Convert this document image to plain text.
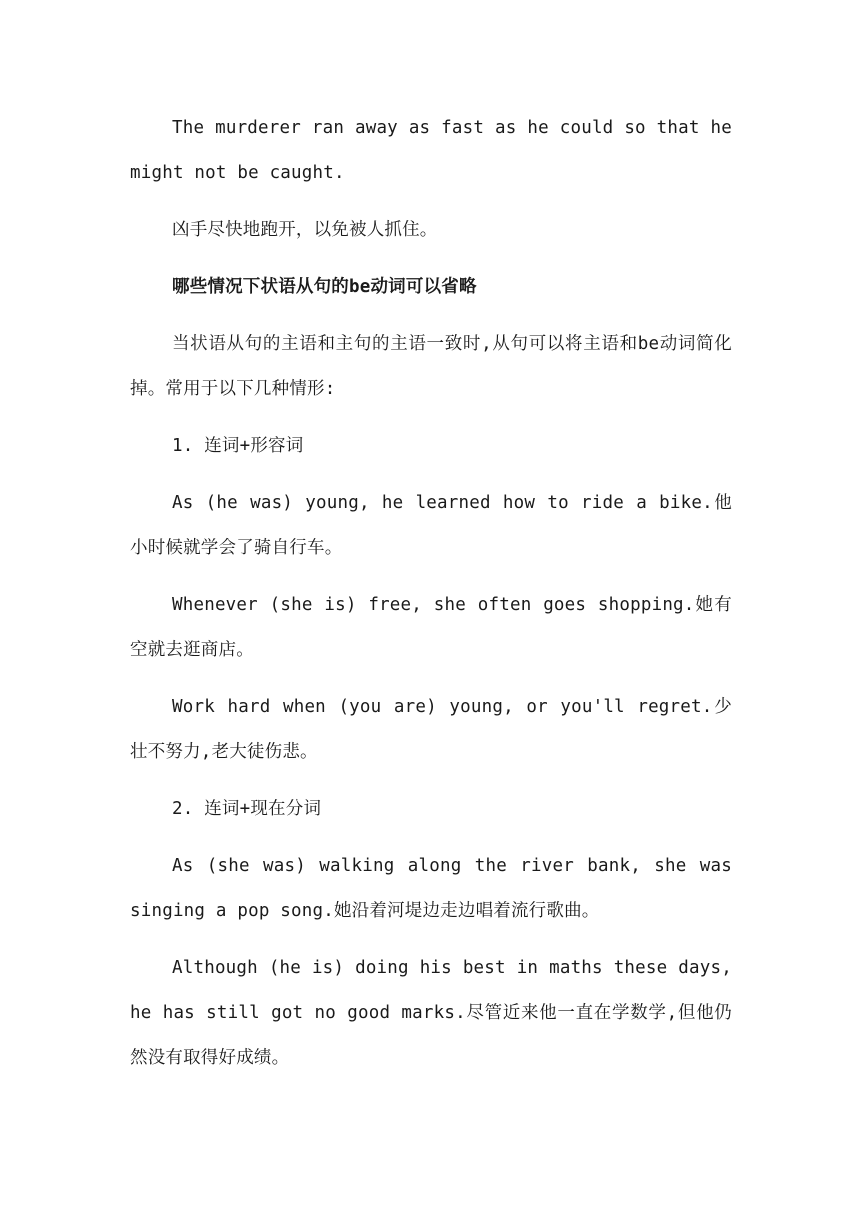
The murderer ran away as fast as he could so that he might not be caught.

凶手尽快地跑开，以免被人抓住。

哪些情况下状语从句的be动词可以省略

当状语从句的主语和主句的主语一致时,从句可以将主语和be动词简化掉。常用于以下几种情形:

1. 连词+形容词

As (he was) young, he learned how to ride a bike.他小时候就学会了骑自行车。

Whenever (she is) free, she often goes shopping.她有空就去逛商店。

Work hard when (you are) young, or you'll regret.少壮不努力,老大徒伤悲。

2. 连词+现在分词

As (she was) walking along the river bank, she was singing a pop song.她沿着河堤边走边唱着流行歌曲。

Although (he is) doing his best in maths these days, he has still got no good marks.尽管近来他一直在学数学,但他仍然没有取得好成绩。
